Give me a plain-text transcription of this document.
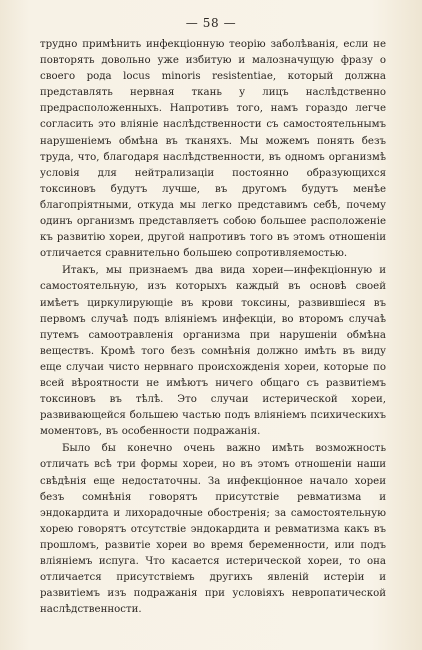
— 58 —

трудно примѣнить инфекціонную теорію заболѣванія, если не повторять довольно уже избитую и малозначущую фразу о своего рода locus minoris resistentiae, который должна представлять нервная ткань у лицъ наслѣдственно предрасположенныхъ. Напротивъ того, намъ гораздо легче согласить это вліяніе наслѣдственности съ самостоятельнымъ нарушеніемъ обмѣна въ тканяхъ. Мы можемъ понять безъ труда, что, благодаря наслѣдственности, въ одномъ организмѣ условія для нейтрализаціи постоянно образующихся токсиновъ будутъ лучше, въ другомъ будутъ менѣе благопріятными, откуда мы легко представимъ себѣ, почему одинъ организмъ представляетъ собою большее расположеніе къ развитію хореи, другой напротивъ того въ этомъ отношеніи отличается сравнительно большею сопротивляемостью.

Итакъ, мы признаемъ два вида хореи—инфекціонную и самостоятельную, изъ которыхъ каждый въ основѣ своей имѣетъ циркулирующіе въ крови токсины, развившіеся въ первомъ случаѣ подъ вліяніемъ инфекціи, во второмъ случаѣ путемъ самоотравленія организма при нарушеніи обмѣна веществъ. Кромѣ того безъ сомнѣнія должно имѣть въ виду еще случаи чисто нервнаго происхожденія хореи, которые по всей вѣроятности не имѣютъ ничего общаго съ развитіемъ токсиновъ въ тѣлѣ. Это случаи истерической хореи, развивающейся большею частью подъ вліяніемъ психическихъ моментовъ, въ особенности подражанія.

Было бы конечно очень важно имѣть возможность отличать всѣ три формы хореи, но въ этомъ отношеніи наши свѣдѣнія еще недостаточны. За инфекціонное начало хореи безъ сомнѣнія говорятъ присутствіе ревматизма и эндокардита и лихорадочные обостренія; за самостоятельную хорею говорятъ отсутствіе эндокардита и ревматизма какъ въ прошломъ, развитіе хореи во время беременности, или подъ вліяніемъ испуга. Что касается истерической хореи, то она отличается присутствіемъ другихъ явленій истеріи и развитіемъ изъ подражанія при условіяхъ невропатической наслѣдственности.
